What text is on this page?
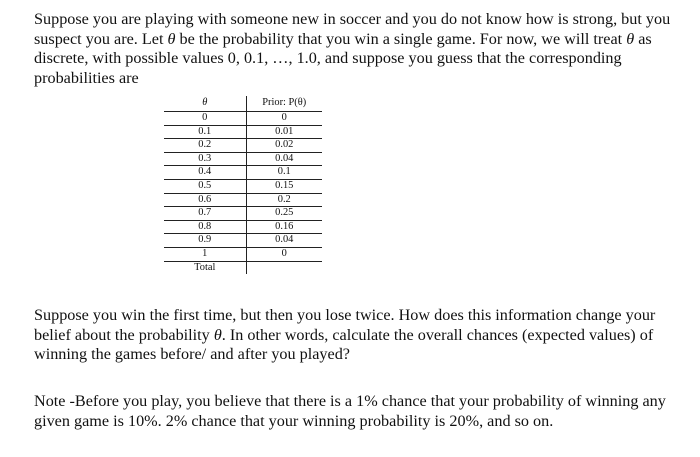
Suppose you are playing with someone new in soccer and you do not know how is strong, but you suspect you are. Let θ be the probability that you win a single game. For now, we will treat θ as discrete, with possible values 0, 0.1, …, 1.0, and suppose you guess that the corresponding probabilities are

θ	Prior: P(θ)
0	0
0.1	0.01
0.2	0.02
0.3	0.04
0.4	0.1
0.5	0.15
0.6	0.2
0.7	0.25
0.8	0.16
0.9	0.04
1	0
Total	

Suppose you win the first time, but then you lose twice. How does this information change your belief about the probability θ. In other words, calculate the overall chances (expected values) of winning the games before/ and after you played?

Note -Before you play, you believe that there is a 1% chance that your probability of winning any given game is 10%. 2% chance that your winning probability is 20%, and so on.
